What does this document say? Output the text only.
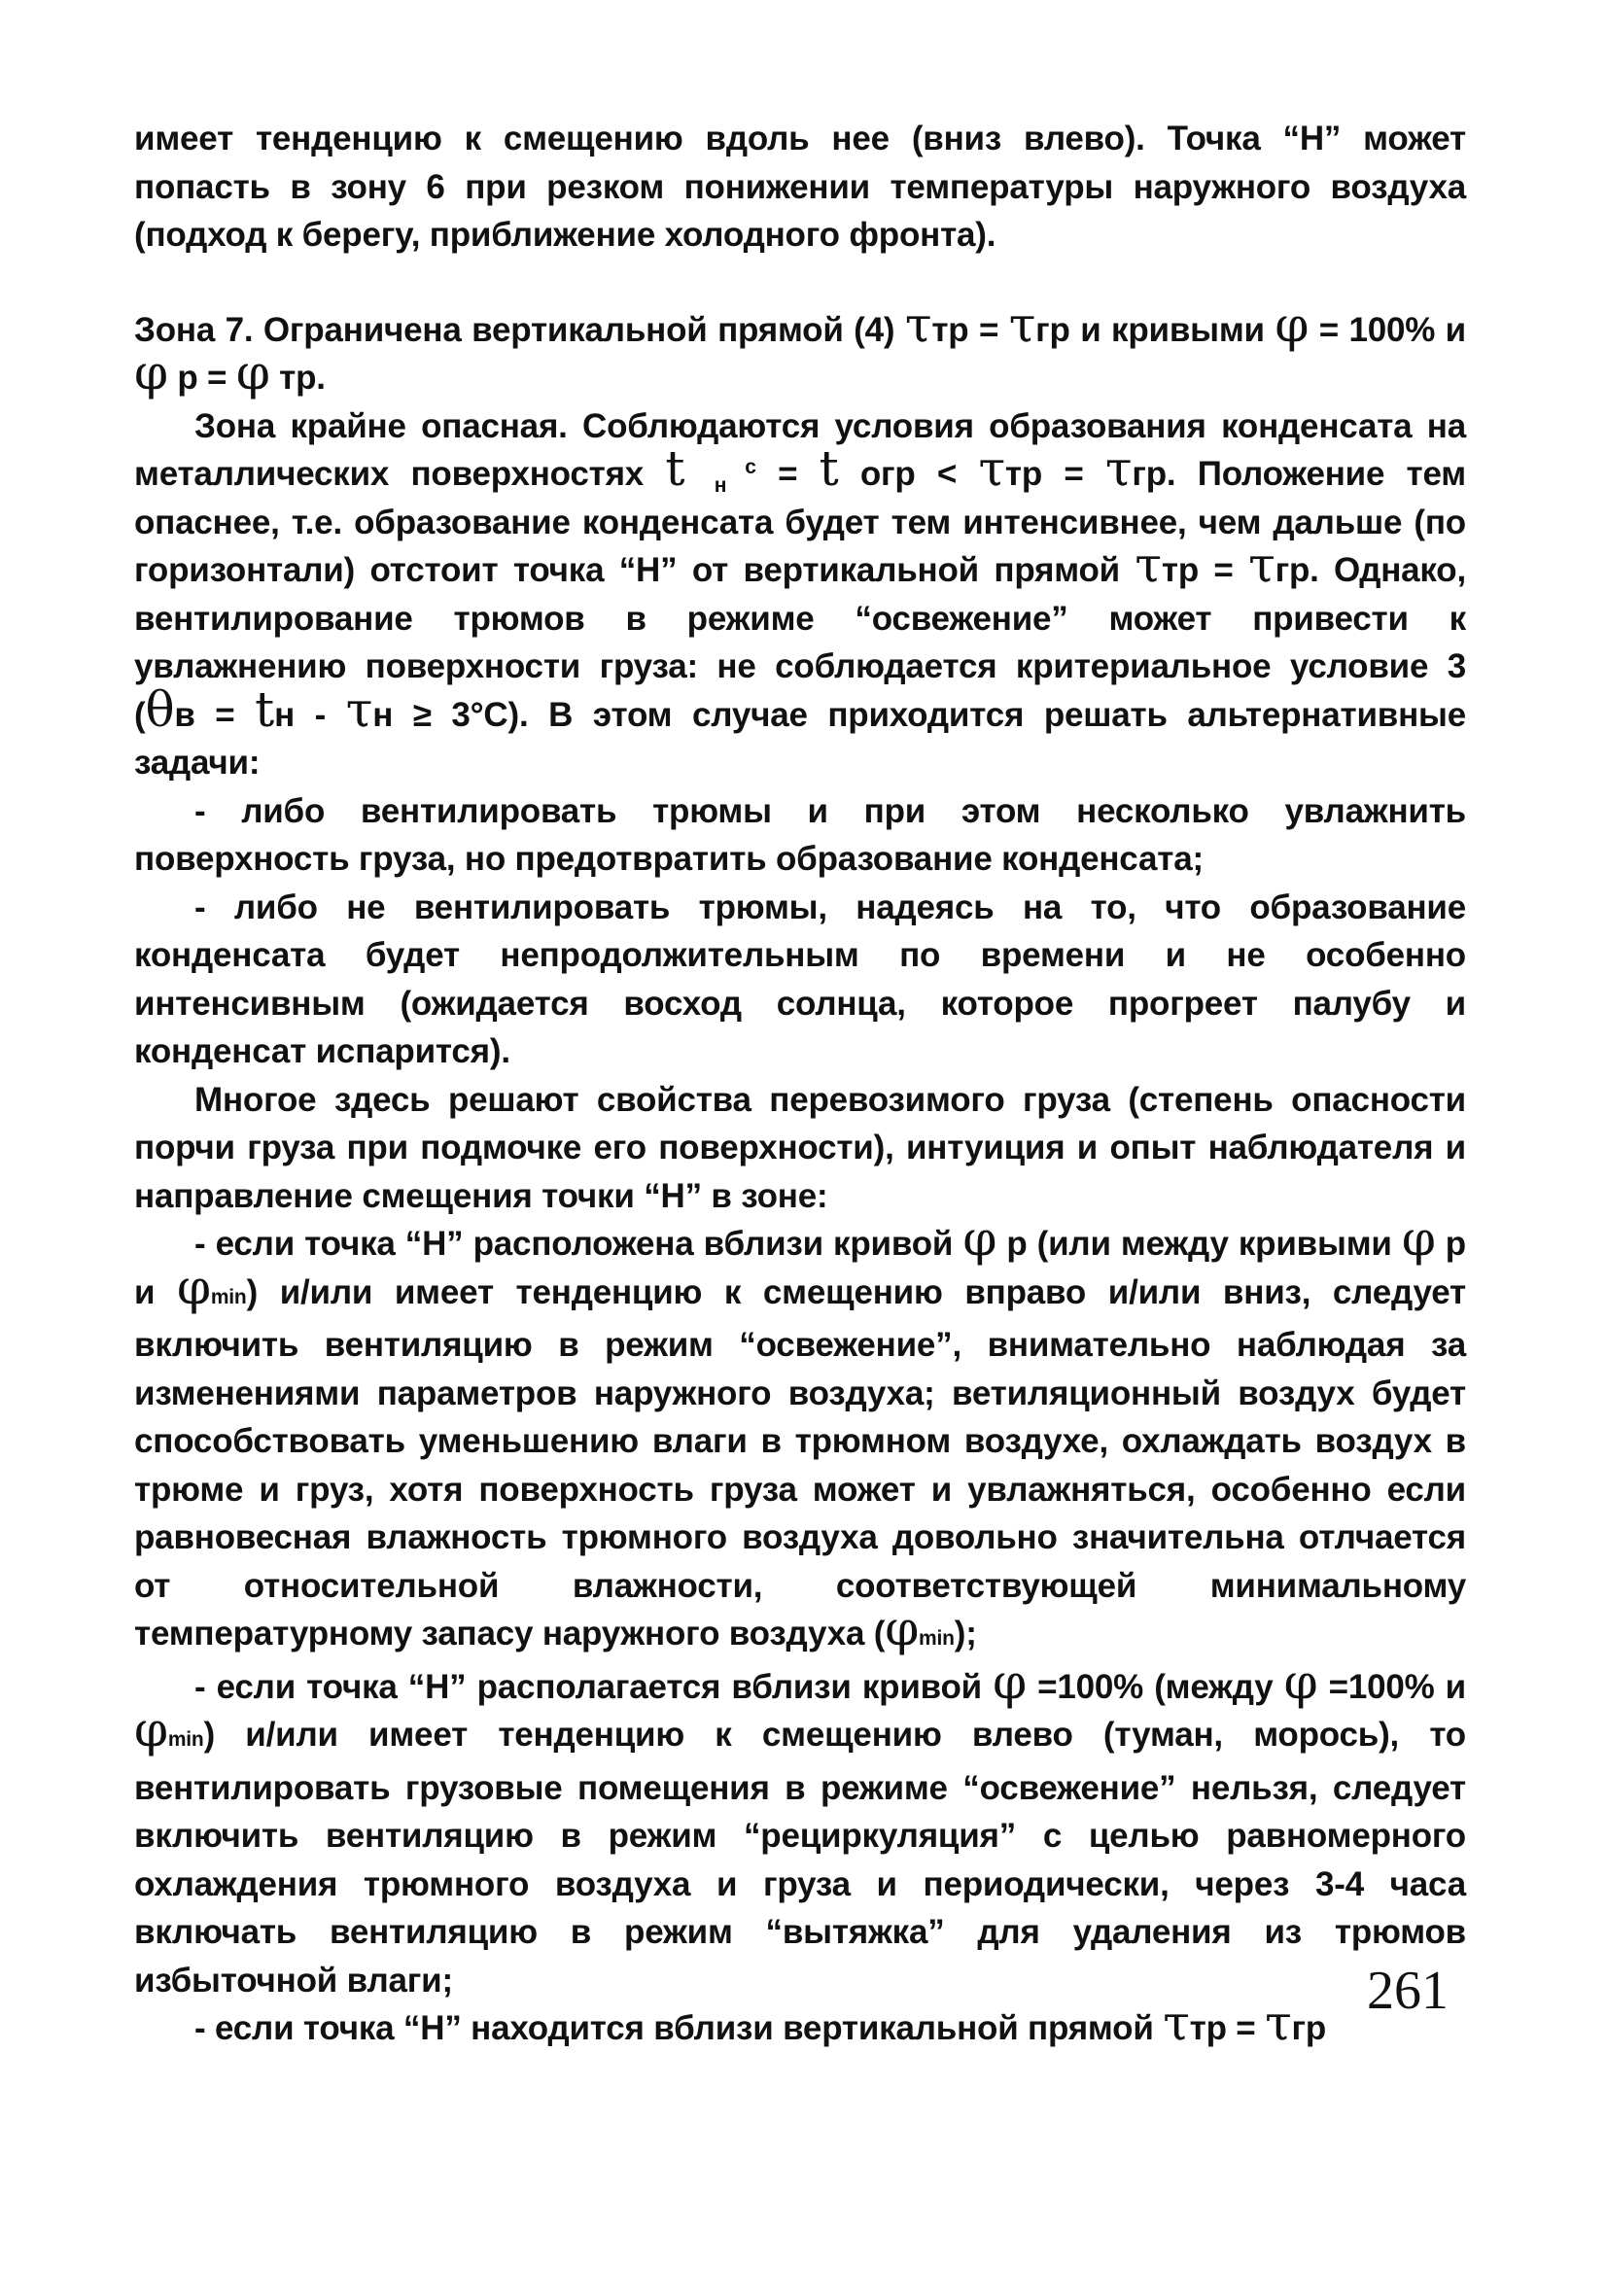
имеет тенденцию к смещению вдоль нее (вниз влево). Точка “Н” может попасть в зону 6 при резком понижении температуры наружного воздуха (подход к берегу, приближение холодного фронта).

Зона 7. Ограничена вертикальной прямой (4) τтр = τгр и кривыми φ = 100% и φ р = φ тр.

Зона крайне опасная. Соблюдаются условия образования конденсата на металлических поверхностях t	с
н = t огр < τтр = τгр. Положение тем опаснее, т.е. образование конденсата будет тем интенсивнее, чем дальше (по горизонтали) отстоит точка “Н” от вертикальной прямой τтр = τгр. Однако, вентилирование трюмов в режиме “освежение” может привести к увлажнению поверхности груза: не соблюдается критериальное условие 3 (θв = tн - τн ≥ 3°С). В этом случае приходится решать альтернативные задачи:

- либо вентилировать трюмы и при этом несколько увлажнить поверхность груза, но предотвратить образование конденсата;

- либо не вентилировать трюмы, надеясь на то, что образование конденсата будет непродолжительным по времени и не особенно интенсивным (ожидается восход солнца, которое прогреет палубу и конденсат испарится).

Многое здесь решают свойства перевозимого груза (степень опасности порчи груза при подмочке его поверхности), интуиция и опыт наблюдателя и направление смещения точки “Н” в зоне:

- если точка “Н” расположена вблизи кривой φ р (или между кривыми φ р и φmin) и/или имеет тенденцию к смещению вправо и/или вниз, следует включить вентиляцию в режим “освежение”, внимательно наблюдая за изменениями параметров наружного воздуха; ветиляционный воздух будет способствовать уменьшению влаги в трюмном воздухе, охлаждать воздух в трюме и груз, хотя поверхность груза может и увлажняться, особенно если равновесная влажность трюмного воздуха довольно значительна отлчается от относительной влажности, соответствующей минимальному температурному запасу наружного воздуха (φmin);

- если точка “Н” располагается вблизи кривой φ =100% (между φ =100% и φmin) и/или имеет тенденцию к смещению влево (туман, морось), то вентилировать грузовые помещения в режиме “освежение” нельзя, следует включить вентиляцию в режим “рециркуляция” с целью равномерного охлаждения трюмного воздуха и груза и периодически, через 3-4 часа включать вентиляцию в режим “вытяжка” для удаления из трюмов избыточной влаги;

- если точка “Н” находится вблизи вертикальной прямой τтр = τгр

261
